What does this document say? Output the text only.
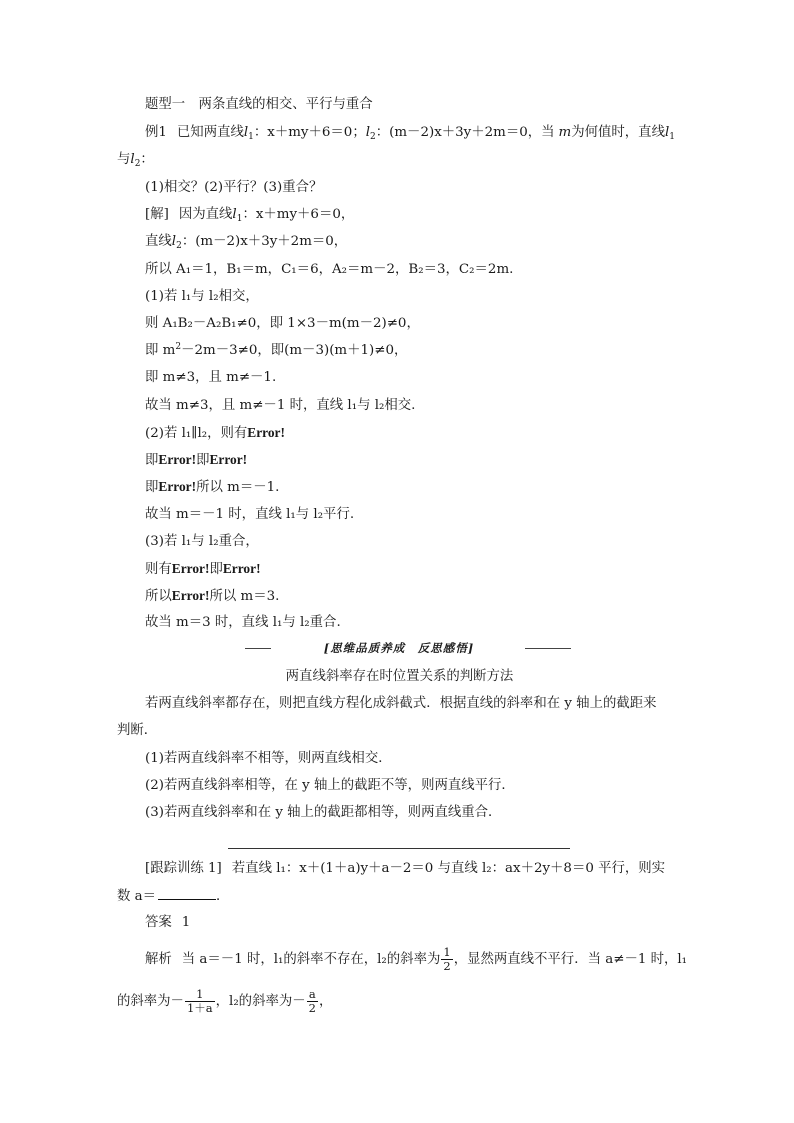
题型一　两条直线的相交、平行与重合
例1 已知两直线$l_1$：x＋my＋6＝0；$l_2$：(m－2)x＋3y＋2m＝0，当 m为何值时，直线$l_1$
与$l_2$：
(1)相交？(2)平行？(3)重合？
[解] 因为直线$l_1$：x＋my＋6＝0，
直线$l_2$：(m－2)x＋3y＋2m＝0，
所以 A₁＝1，B₁＝m，C₁＝6，A₂＝m－2，B₂＝3，C₂＝2m.
(1)若 l₁与 l₂相交，
则 A₁B₂－A₂B₁≠0，即 1×3－m(m－2)≠0，
即 $m^2-2m-3\ne 0$，即(m－3)(m＋1)≠0，
即 m≠3，且 m≠－1.
故当 m≠3，且 m≠－1 时，直线 l₁与 l₂相交.
(2)若 l₁∥l₂，则有Error!
即Error!即Error!
即Error!所以 m＝－1.
故当 m＝－1 时，直线 l₁与 l₂平行.
(3)若 l₁与 l₂重合，
则有Error!即Error!
所以Error!所以 m＝3.
故当 m＝3 时，直线 l₁与 l₂重合.
[思维品质养成　反思感悟]
两直线斜率存在时位置关系的判断方法
若两直线斜率都存在，则把直线方程化成斜截式．根据直线的斜率和在 y 轴上的截距来
判断．
(1)若两直线斜率不相等，则两直线相交．
(2)若两直线斜率相等，在 y 轴上的截距不等，则两直线平行．
(3)若两直线斜率和在 y 轴上的截距都相等，则两直线重合．
[跟踪训练 1] 若直线 l₁：x＋(1＋a)y＋a－2＝0 与直线 l₂：ax＋2y＋8＝0 平行，则实
数 a＝	．
答案 1
解析 当 a＝－1 时，l₁的斜率不存在，l₂的斜率为 $\frac{1}{2}$ ，显然两直线不平行．当 a≠－1 时，l₁
的斜率为－ $\frac{1}{1+a}$ ，l₂的斜率为－ $\frac{a}{2}$ ，
